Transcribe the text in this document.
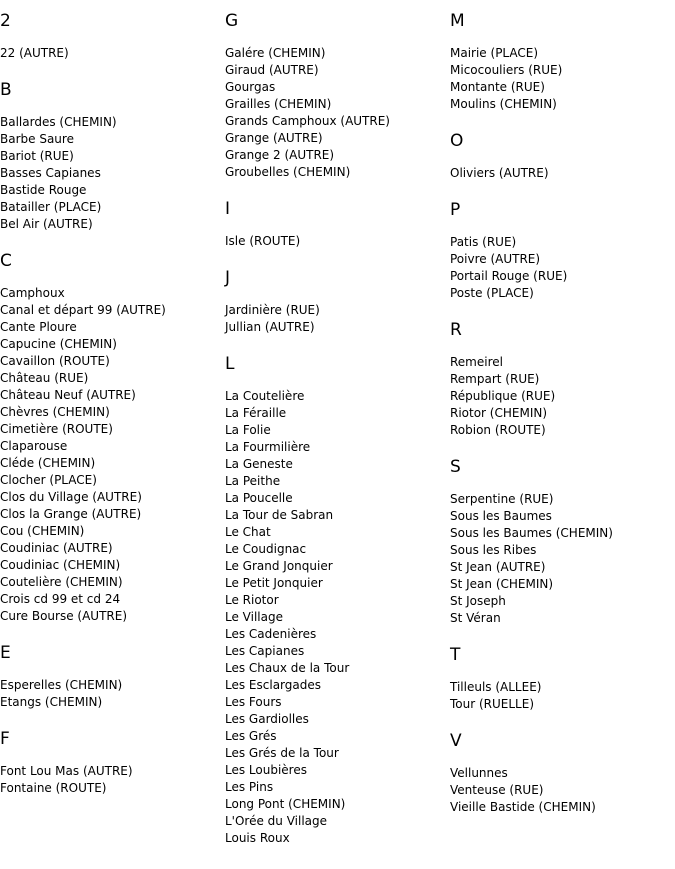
2
22 (AUTRE)
B
Ballardes (CHEMIN)
Barbe Saure
Bariot (RUE)
Basses Capianes
Bastide Rouge
Batailler (PLACE)
Bel Air (AUTRE)
C
Camphoux
Canal et départ 99 (AUTRE)
Cante Ploure
Capucine (CHEMIN)
Cavaillon (ROUTE)
Château (RUE)
Château Neuf (AUTRE)
Chèvres (CHEMIN)
Cimetière (ROUTE)
Claparouse
Cléde (CHEMIN)
Clocher (PLACE)
Clos du Village (AUTRE)
Clos la Grange (AUTRE)
Cou (CHEMIN)
Coudiniac (AUTRE)
Coudiniac (CHEMIN)
Coutelière (CHEMIN)
Crois cd 99 et cd 24
Cure Bourse (AUTRE)
E
Esperelles (CHEMIN)
Etangs (CHEMIN)
F
Font Lou Mas (AUTRE)
Fontaine (ROUTE)
G
Galére (CHEMIN)
Giraud (AUTRE)
Gourgas
Grailles (CHEMIN)
Grands Camphoux (AUTRE)
Grange (AUTRE)
Grange 2 (AUTRE)
Groubelles (CHEMIN)
I
Isle (ROUTE)
J
Jardinière (RUE)
Jullian (AUTRE)
L
La Coutelière
La Féraille
La Folie
La Fourmilière
La Geneste
La Peithe
La Poucelle
La Tour de Sabran
Le Chat
Le Coudignac
Le Grand Jonquier
Le Petit Jonquier
Le Riotor
Le Village
Les Cadenières
Les Capianes
Les Chaux de la Tour
Les Esclargades
Les Fours
Les Gardiolles
Les Grés
Les Grés de la Tour
Les Loubières
Les Pins
Long Pont (CHEMIN)
L'Orée du Village
Louis Roux
M
Mairie (PLACE)
Micocouliers (RUE)
Montante (RUE)
Moulins (CHEMIN)
O
Oliviers (AUTRE)
P
Patis (RUE)
Poivre (AUTRE)
Portail Rouge (RUE)
Poste (PLACE)
R
Remeirel
Rempart (RUE)
République (RUE)
Riotor (CHEMIN)
Robion (ROUTE)
S
Serpentine (RUE)
Sous les Baumes
Sous les Baumes (CHEMIN)
Sous les Ribes
St Jean (AUTRE)
St Jean (CHEMIN)
St Joseph
St Véran
T
Tilleuls (ALLEE)
Tour (RUELLE)
V
Vellunnes
Venteuse (RUE)
Vieille Bastide (CHEMIN)
